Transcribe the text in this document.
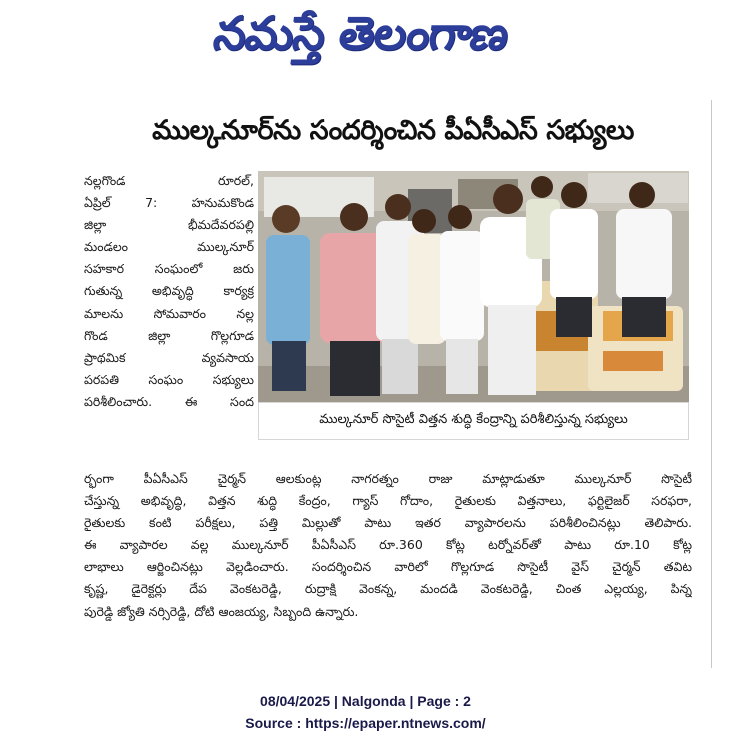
నమస్తే తెలంగాణ
ముల్కనూర్‌ను సందర్శించిన పీఏసీఎస్ సభ్యులు
నల్లగొండ రూరల్,
ఏప్రిల్ 7: హనుమకొండ
జిల్లా భీమదేవరపల్లి
మండలం ముల్కనూర్
సహకార సంఘంలో జరు
గుతున్న అభివృద్ధి కార్యక్ర
మాలను సోమవారం నల్ల
గొండ జిల్లా గొల్లగూడ
ప్రాథమిక వ్యవసాయ
పరపతి సంఘం సభ్యులు
పరిశీలించారు. ఈ సంద
ముల్కనూర్ సొసైటీ విత్తన శుద్ధి కేంద్రాన్ని పరిశీలిస్తున్న సభ్యులు
ర్భంగా పీఏసీఎస్ చైర్మన్ ఆలకుంట్ల నాగరత్నం రాజు మాట్లాడుతూ ముల్కనూర్ సొసైటీ
చేస్తున్న అభివృద్ధి, విత్తన శుద్ధి కేంద్రం, గ్యాస్ గోదాం, రైతులకు విత్తనాలు, ఫర్టిలైజర్ సరఫరా,
రైతులకు కంటి పరీక్షలు, పత్తి మిల్లుతో పాటు ఇతర వ్యాపారలను పరిశీలించినట్లు తెలిపారు.
ఈ వ్యాపారల వల్ల ముల్కనూర్ పీఏసీఎస్ రూ.360 కోట్ల టర్నోవర్‌తో పాటు రూ.10 కోట్ల
లాభాలు ఆర్జించినట్లు వెల్లడించారు. సందర్శించిన వారిలో గొల్లగూడ సొసైటీ వైస్ చైర్మన్ తవిట
కృష్ణ, డైరెక్టర్లు దేప వెంకటరెడ్డి, రుద్రాక్షి వెంకన్న, మందడి వెంకటరెడ్డి, చింత ఎల్లయ్య, పిన్న
పురెడ్డి జ్యోతి నర్సిరెడ్డి, దోటి ఆంజయ్య, సిబ్బంది ఉన్నారు.
08/04/2025 | Nalgonda | Page : 2
Source : https://epaper.ntnews.com/
